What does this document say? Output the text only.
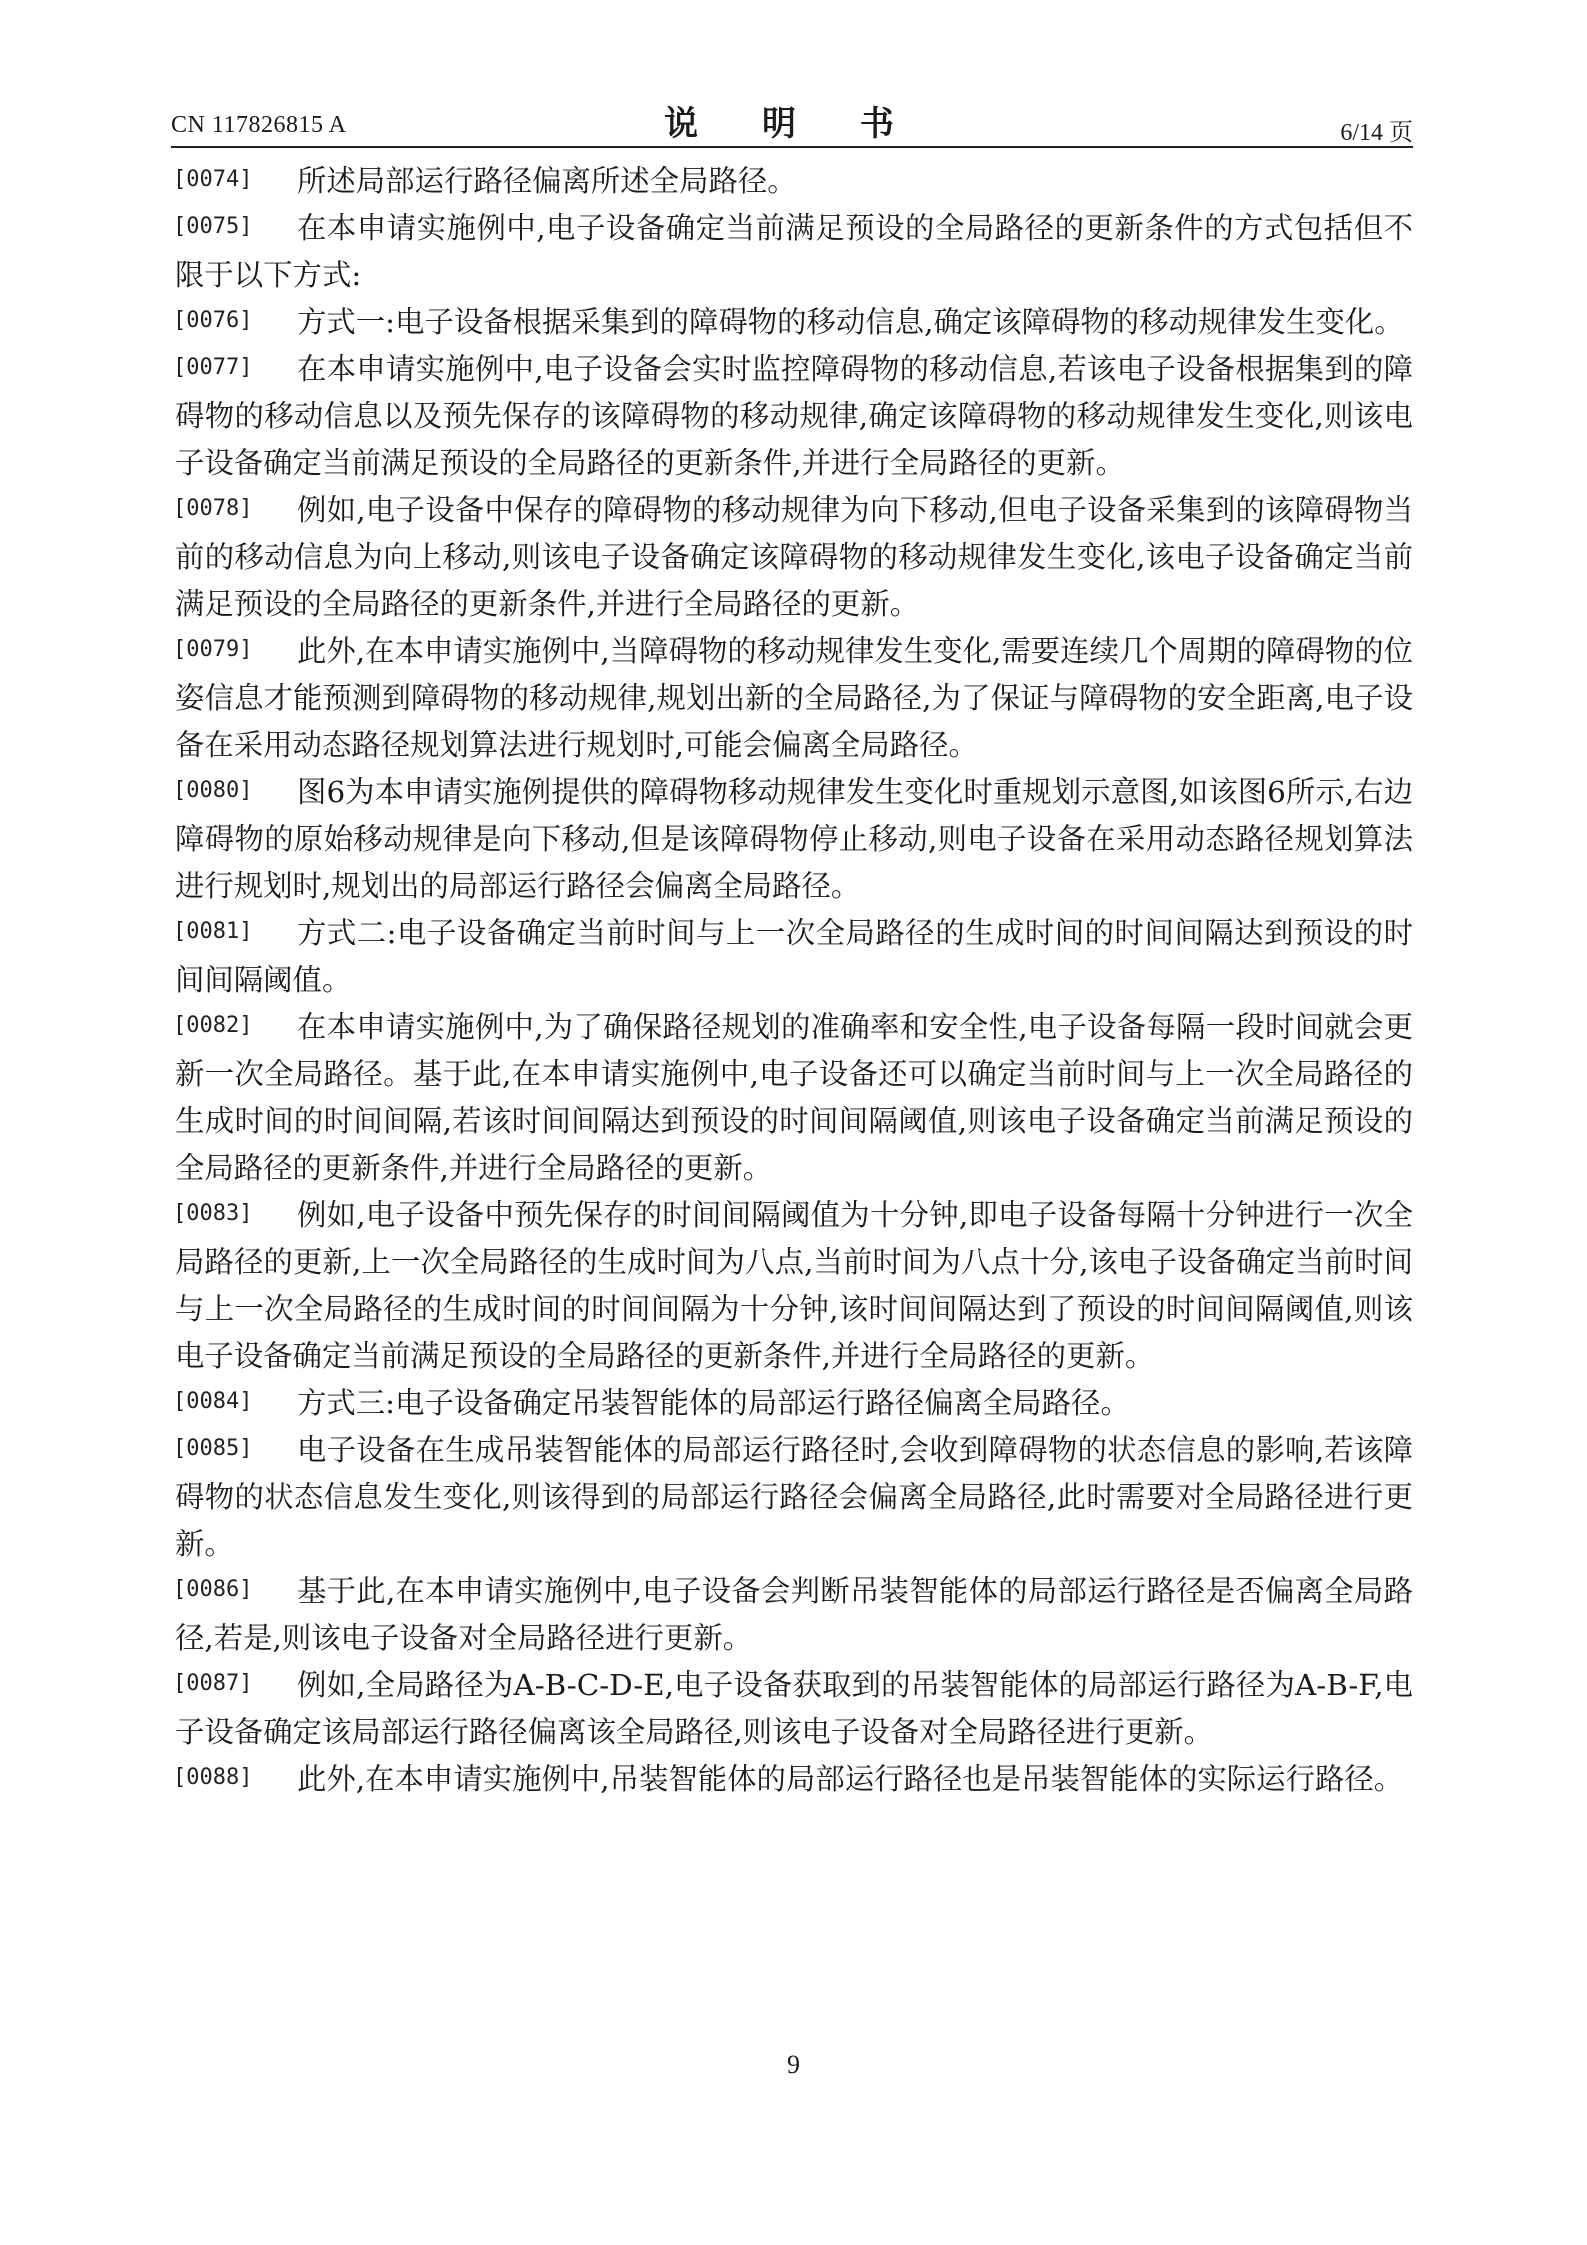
CN 117826815 A	说 明 书	6/14 页

[0074] 所述局部运行路径偏离所述全局路径。

[0075] 在本申请实施例中,电子设备确定当前满足预设的全局路径的更新条件的方式包括但不限于以下方式:

[0076] 方式一:电子设备根据采集到的障碍物的移动信息,确定该障碍物的移动规律发生变化。

[0077] 在本申请实施例中,电子设备会实时监控障碍物的移动信息,若该电子设备根据集到的障碍物的移动信息以及预先保存的该障碍物的移动规律,确定该障碍物的移动规律发生变化,则该电子设备确定当前满足预设的全局路径的更新条件,并进行全局路径的更新。

[0078] 例如,电子设备中保存的障碍物的移动规律为向下移动,但电子设备采集到的该障碍物当前的移动信息为向上移动,则该电子设备确定该障碍物的移动规律发生变化,该电子设备确定当前满足预设的全局路径的更新条件,并进行全局路径的更新。

[0079] 此外,在本申请实施例中,当障碍物的移动规律发生变化,需要连续几个周期的障碍物的位姿信息才能预测到障碍物的移动规律,规划出新的全局路径,为了保证与障碍物的安全距离,电子设备在采用动态路径规划算法进行规划时,可能会偏离全局路径。

[0080] 图6为本申请实施例提供的障碍物移动规律发生变化时重规划示意图,如该图6所示,右边障碍物的原始移动规律是向下移动,但是该障碍物停止移动,则电子设备在采用动态路径规划算法进行规划时,规划出的局部运行路径会偏离全局路径。

[0081] 方式二:电子设备确定当前时间与上一次全局路径的生成时间的时间间隔达到预设的时间间隔阈值。

[0082] 在本申请实施例中,为了确保路径规划的准确率和安全性,电子设备每隔一段时间就会更新一次全局路径。基于此,在本申请实施例中,电子设备还可以确定当前时间与上一次全局路径的生成时间的时间间隔,若该时间间隔达到预设的时间间隔阈值,则该电子设备确定当前满足预设的全局路径的更新条件,并进行全局路径的更新。

[0083] 例如,电子设备中预先保存的时间间隔阈值为十分钟,即电子设备每隔十分钟进行一次全局路径的更新,上一次全局路径的生成时间为八点,当前时间为八点十分,该电子设备确定当前时间与上一次全局路径的生成时间的时间间隔为十分钟,该时间间隔达到了预设的时间间隔阈值,则该电子设备确定当前满足预设的全局路径的更新条件,并进行全局路径的更新。

[0084] 方式三:电子设备确定吊装智能体的局部运行路径偏离全局路径。

[0085] 电子设备在生成吊装智能体的局部运行路径时,会收到障碍物的状态信息的影响,若该障碍物的状态信息发生变化,则该得到的局部运行路径会偏离全局路径,此时需要对全局路径进行更新。

[0086] 基于此,在本申请实施例中,电子设备会判断吊装智能体的局部运行路径是否偏离全局路径,若是,则该电子设备对全局路径进行更新。

[0087] 例如,全局路径为A-B-C-D-E,电子设备获取到的吊装智能体的局部运行路径为A-B-F,电子设备确定该局部运行路径偏离该全局路径,则该电子设备对全局路径进行更新。

[0088] 此外,在本申请实施例中,吊装智能体的局部运行路径也是吊装智能体的实际运行路径。

9
